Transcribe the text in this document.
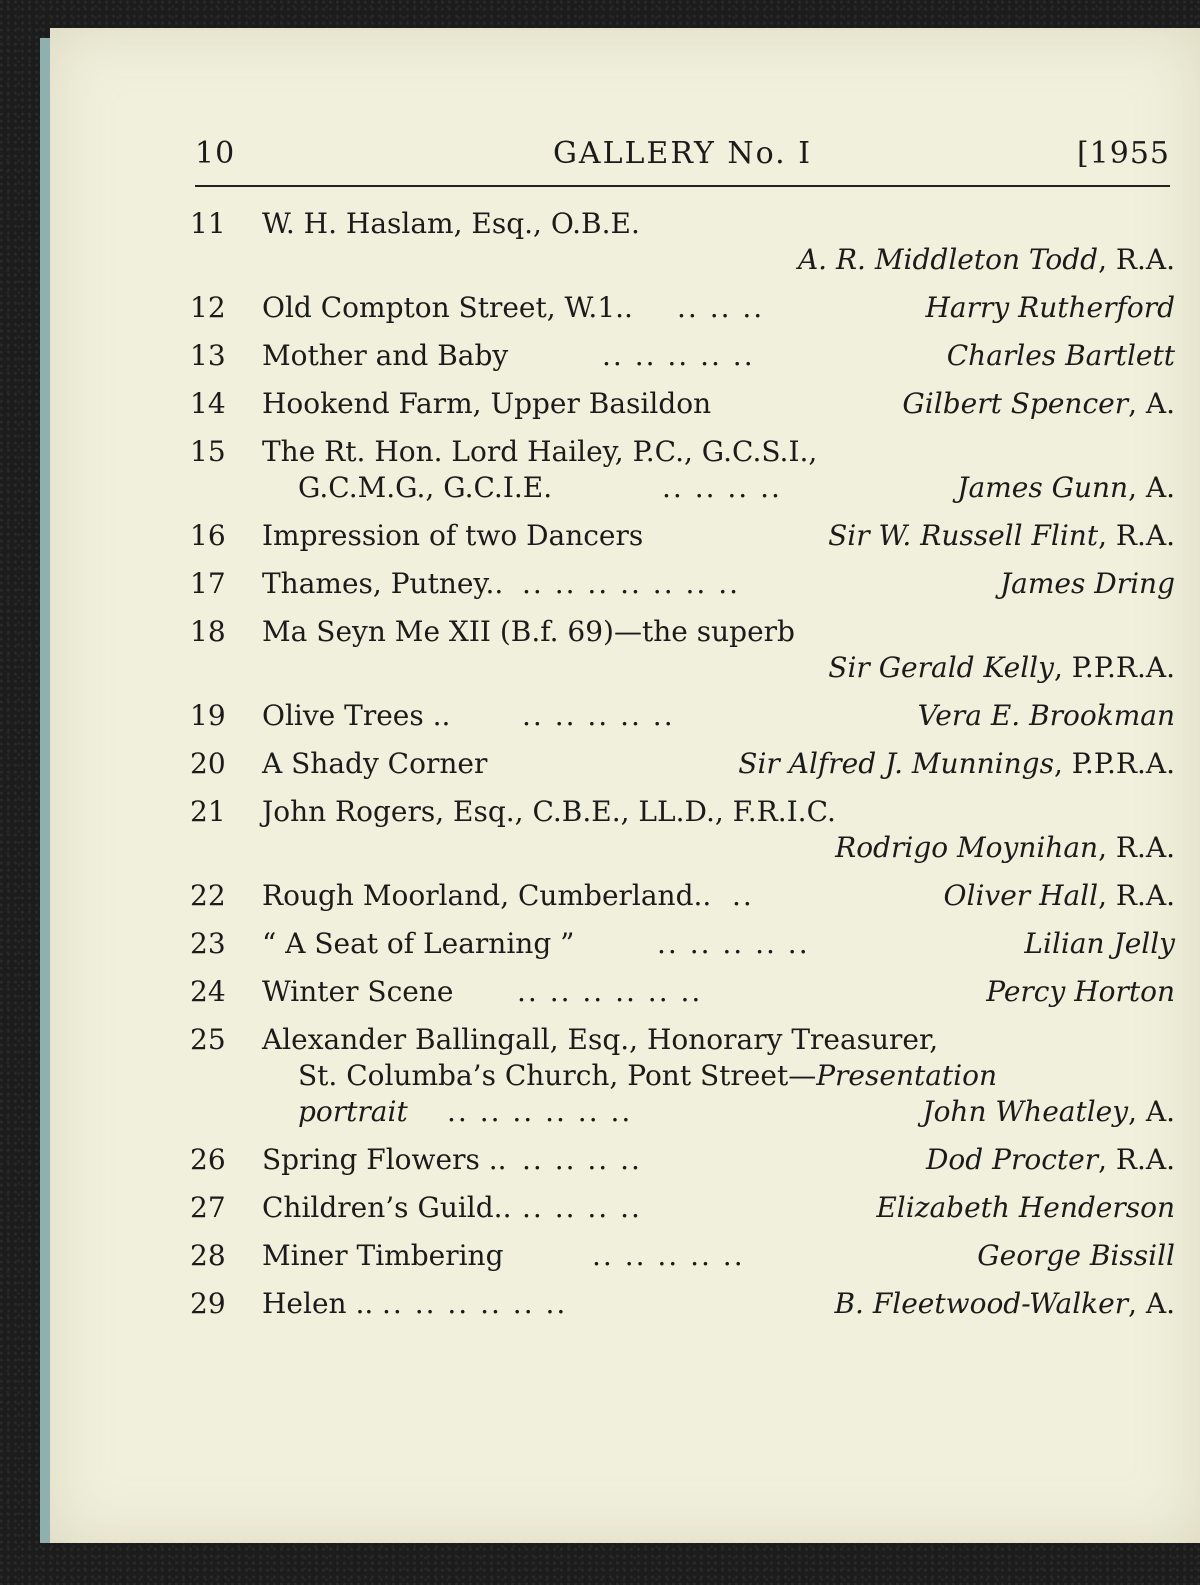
10	GALLERY No. I	[1955
11	W. H. Haslam, Esq., O.B.E.
A. R. Middleton Todd, R.A.
12	Old Compton Street, W.1.. .. .. ..	Harry Rutherford
13	Mother and Baby	.. .. .. .. ..	Charles Bartlett
14	Hookend Farm, Upper Basildon	Gilbert Spencer, A.
15	The Rt. Hon. Lord Hailey, P.C., G.C.S.I.,
G.C.M.G., G.C.I.E.	.. .. .. ..	James Gunn, A.
16	Impression of two Dancers	Sir W. Russell Flint, R.A.
17	Thames, Putney.. .. .. .. .. .. .. ..	James Dring
18	Ma Seyn Me XII (B.f. 69)—the superb
Sir Gerald Kelly, P.P.R.A.
19	Olive Trees ..	.. .. .. .. ..	Vera E. Brookman
20	A Shady Corner	Sir Alfred J. Munnings, P.P.R.A.
21	John Rogers, Esq., C.B.E., LL.D., F.R.I.C.
Rodrigo Moynihan, R.A.
22	Rough Moorland, Cumberland.. ..	Oliver Hall, R.A.
23	“ A Seat of Learning ”	.. .. .. .. ..	Lilian Jelly
24	Winter Scene .. .. .. .. .. ..	Percy Horton
25	Alexander Ballingall, Esq., Honorary Treasurer,
St. Columba’s Church, Pont Street—Presentation
portrait .. .. .. .. .. ..	John Wheatley, A.
26	Spring Flowers .. .. .. .. ..	Dod Procter, R.A.
27	Children’s Guild.. .. .. .. ..	Elizabeth Henderson
28	Miner Timbering	.. .. .. .. ..	George Bissill
29	Helen .. .. .. .. .. .. ..	B. Fleetwood-Walker, A.
